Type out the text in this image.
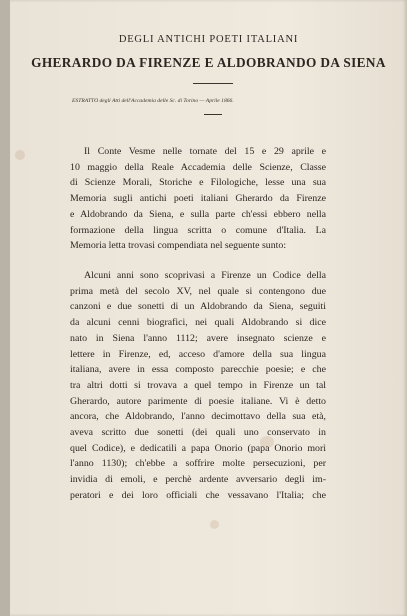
DEGLI ANTICHI POETI ITALIANI
GHERARDO DA FIRENZE E ALDOBRANDO DA SIENA
ESTRATTO degli Atti dell'Accademia delle Sc. di Torino — Aprile 1866.
Il Conte Vesme nelle tornate del 15 e 29 aprile e
10 maggio della Reale Accademia delle Scienze, Classe
di Scienze Morali, Storiche e Filologiche, lesse una sua
Memoria sugli antichi poeti italiani Gherardo da Firenze
e Aldobrando da Siena, e sulla parte ch'essi ebbero nella
formazione della lingua scritta o comune d'Italia. La
Memoria letta trovasi compendiata nel seguente sunto:
Alcuni anni sono scoprivasi a Firenze un Codice della
prima metà del secolo XV, nel quale si contengono due
canzoni e due sonetti di un Aldobrando da Siena, seguiti
da alcuni cenni biografici, nei quali Aldobrando si dice
nato in Siena l'anno 1112; avere insegnato scienze e
lettere in Firenze, ed, acceso d'amore della sua lingua
italiana, avere in essa composto parecchie poesie; e che
tra altri dotti si trovava a quel tempo in Firenze un tal
Gherardo, autore parimente di poesie italiane. Vi è detto
ancora, che Aldobrando, l'anno decimottavo della sua età,
aveva scritto due sonetti (dei quali uno conservato in
quel Codice), e dedicatili a papa Onorio (papa Onorio morì
l'anno 1130); ch'ebbe a soffrire molte persecuzioni, per
invidia di emoli, e perchè ardente avversario degli im-
peratori e dei loro officiali che vessavano l'Italia; che
